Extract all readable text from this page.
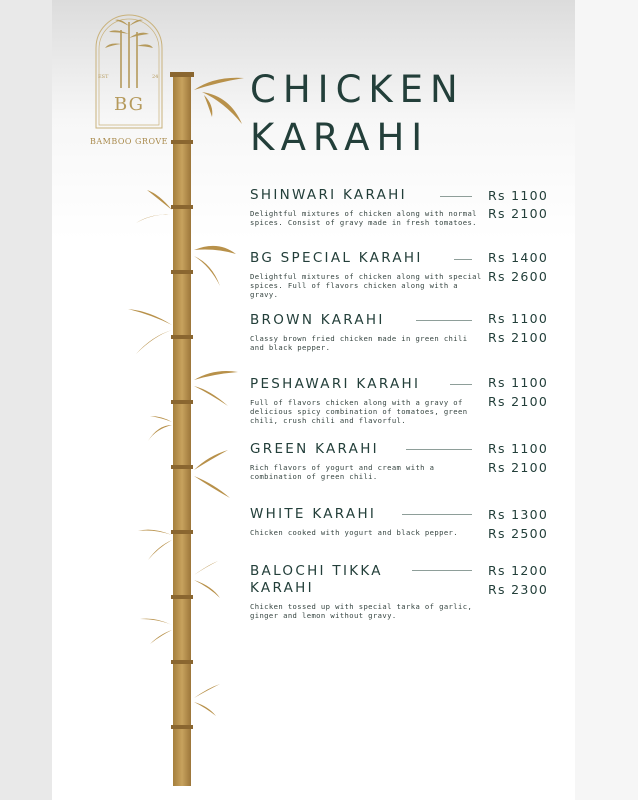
EST	24
BG
BAMBOO GROVE
CHICKEN
KARAHI
SHINWARI KARAHI
Delightful mixtures of chicken along with normal spices. Consist of gravy made in fresh tomatoes.
Rs 1100
Rs 2100
BG SPECIAL KARAHI
Delightful mixtures of chicken along with special spices. Full of flavors chicken along with a gravy.
Rs 1400
Rs 2600
BROWN KARAHI
Classy brown fried chicken made in green chili and black pepper.
Rs 1100
Rs 2100
PESHAWARI KARAHI
Full of flavors chicken along with a gravy of delicious spicy combination of tomatoes, green chili, crush chili and flavorful.
Rs 1100
Rs 2100
GREEN KARAHI
Rich flavors of yogurt and cream with a combination of green chili.
Rs 1100
Rs 2100
WHITE KARAHI
Chicken cooked with yogurt and black pepper.
Rs 1300
Rs 2500
BALOCHI TIKKA
KARAHI
Chicken tossed up with special tarka of garlic, ginger and lemon without gravy.
Rs 1200
Rs 2300
